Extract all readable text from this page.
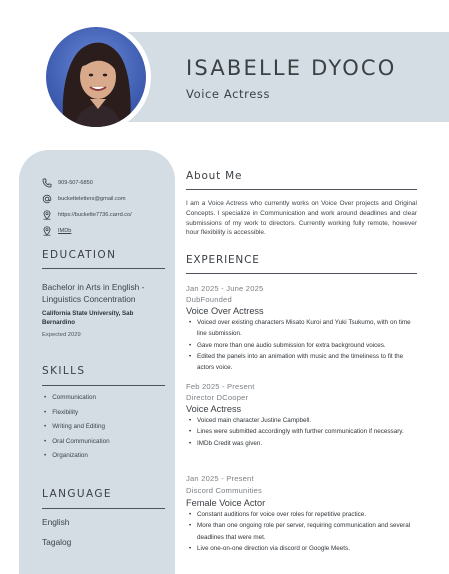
ISABELLE DYOCO
Voice Actress
909-507-6850
bucketteletters@gmail.com
https://buckette7736.carrd.co/
IMDb
EDUCATION
Bachelor in Arts in English - Linguistics Concentration
California State University, Sab Bernardino
Expected 2029
SKILLS
• Communication
• Flexibility
• Writing and Editing
• Oral Communication
• Organization
LANGUAGE
English
Tagalog
About Me
I am a Voice Actress who currently works on Voice Over projects and Original Concepts. I specialize in Communication and work around deadlines and clear submissions of my work to directors. Currently working fully remote, however hour flexibility is accessible.
EXPERIENCE
Jan 2025 - June 2025
DubFounded
Voice Over Actress
• Voiced over existing characters Misato Kuroi and Yuki Tsukumo, with on time line submission.
• Gave more than one audio submission for extra background voices.
• Edited the panels into an animation with music and the timeliness to fit the actors voice.
Feb 2025 - Present
Director DCooper
Voice Actress
• Voiced main character Justine Campbell.
• Lines were submitted accordingly with further communication if necessary.
• IMDb Credit was given.
Jan 2025 - Present
Discord Communities
Female Voice Actor
• Constant auditions for voice over roles for repetitive practice.
• More than one ongoing role per server, requiring communication and several deadlines that were met.
• Live one-on-one direction via discord or Google Meets.
